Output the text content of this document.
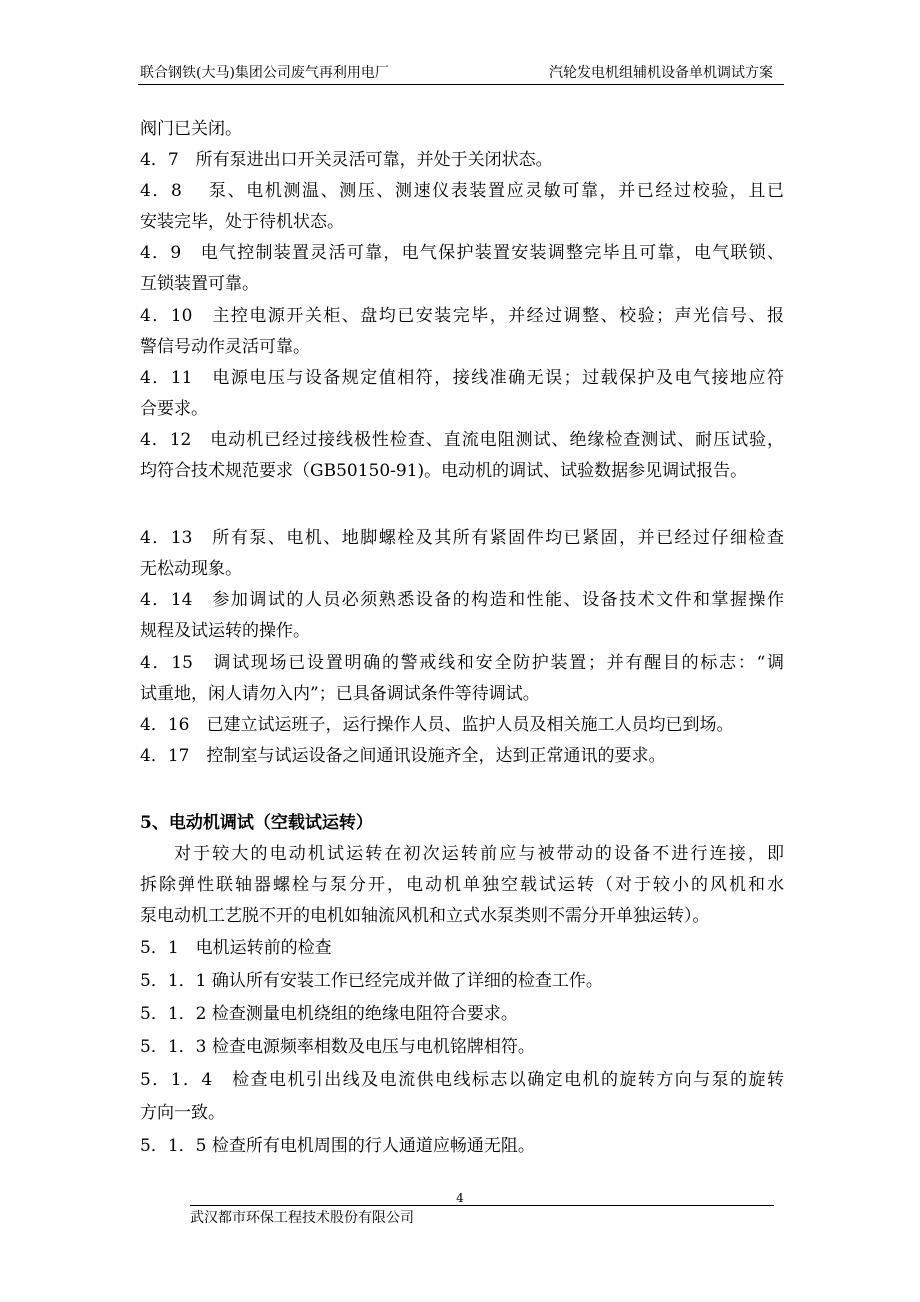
联合钢铁(大马)集团公司废气再利用电厂	汽轮发电机组辅机设备单机调试方案
阀门已关闭。
4．7　所有泵进出口开关灵活可靠，并处于关闭状态。
4．8　 泵、电机测温、测压、测速仪表装置应灵敏可靠，并已经过校验，且已
安装完毕，处于待机状态。
4．9　电气控制装置灵活可靠，电气保护装置安装调整完毕且可靠，电气联锁、
互锁装置可靠。
4．10　主控电源开关柜、盘均已安装完毕，并经过调整、校验；声光信号、报
警信号动作灵活可靠。
4．11　电源电压与设备规定值相符，接线准确无误；过载保护及电气接地应符
合要求。
4．12　电动机已经过接线极性检查、直流电阻测试、绝缘检查测试、耐压试验，
均符合技术规范要求（GB50150-91)。电动机的调试、试验数据参见调试报告。
4．13　所有泵、电机、地脚螺栓及其所有紧固件均已紧固，并已经过仔细检查
无松动现象。
4．14　参加调试的人员必须熟悉设备的构造和性能、设备技术文件和掌握操作
规程及试运转的操作。
4．15　调试现场已设置明确的警戒线和安全防护装置；并有醒目的标志：“调
试重地，闲人请勿入内”；已具备调试条件等待调试。
4．16　已建立试运班子，运行操作人员、监护人员及相关施工人员均已到场。
4．17　控制室与试运设备之间通讯设施齐全，达到正常通讯的要求。
5、电动机调试（空载试运转）
对于较大的电动机试运转在初次运转前应与被带动的设备不进行连接，即
拆除弹性联轴器螺栓与泵分开，电动机单独空载试运转（对于较小的风机和水
泵电动机工艺脱不开的电机如轴流风机和立式水泵类则不需分开单独运转）。
5．1　电机运转前的检查
5．1．1 确认所有安装工作已经完成并做了详细的检查工作。
5．1．2 检查测量电机绕组的绝缘电阻符合要求。
5．1．3 检查电源频率相数及电压与电机铭牌相符。
5．1．4　检查电机引出线及电流供电线标志以确定电机的旋转方向与泵的旋转
方向一致。
5．1．5 检查所有电机周围的行人通道应畅通无阻。
4
武汉都市环保工程技术股份有限公司
